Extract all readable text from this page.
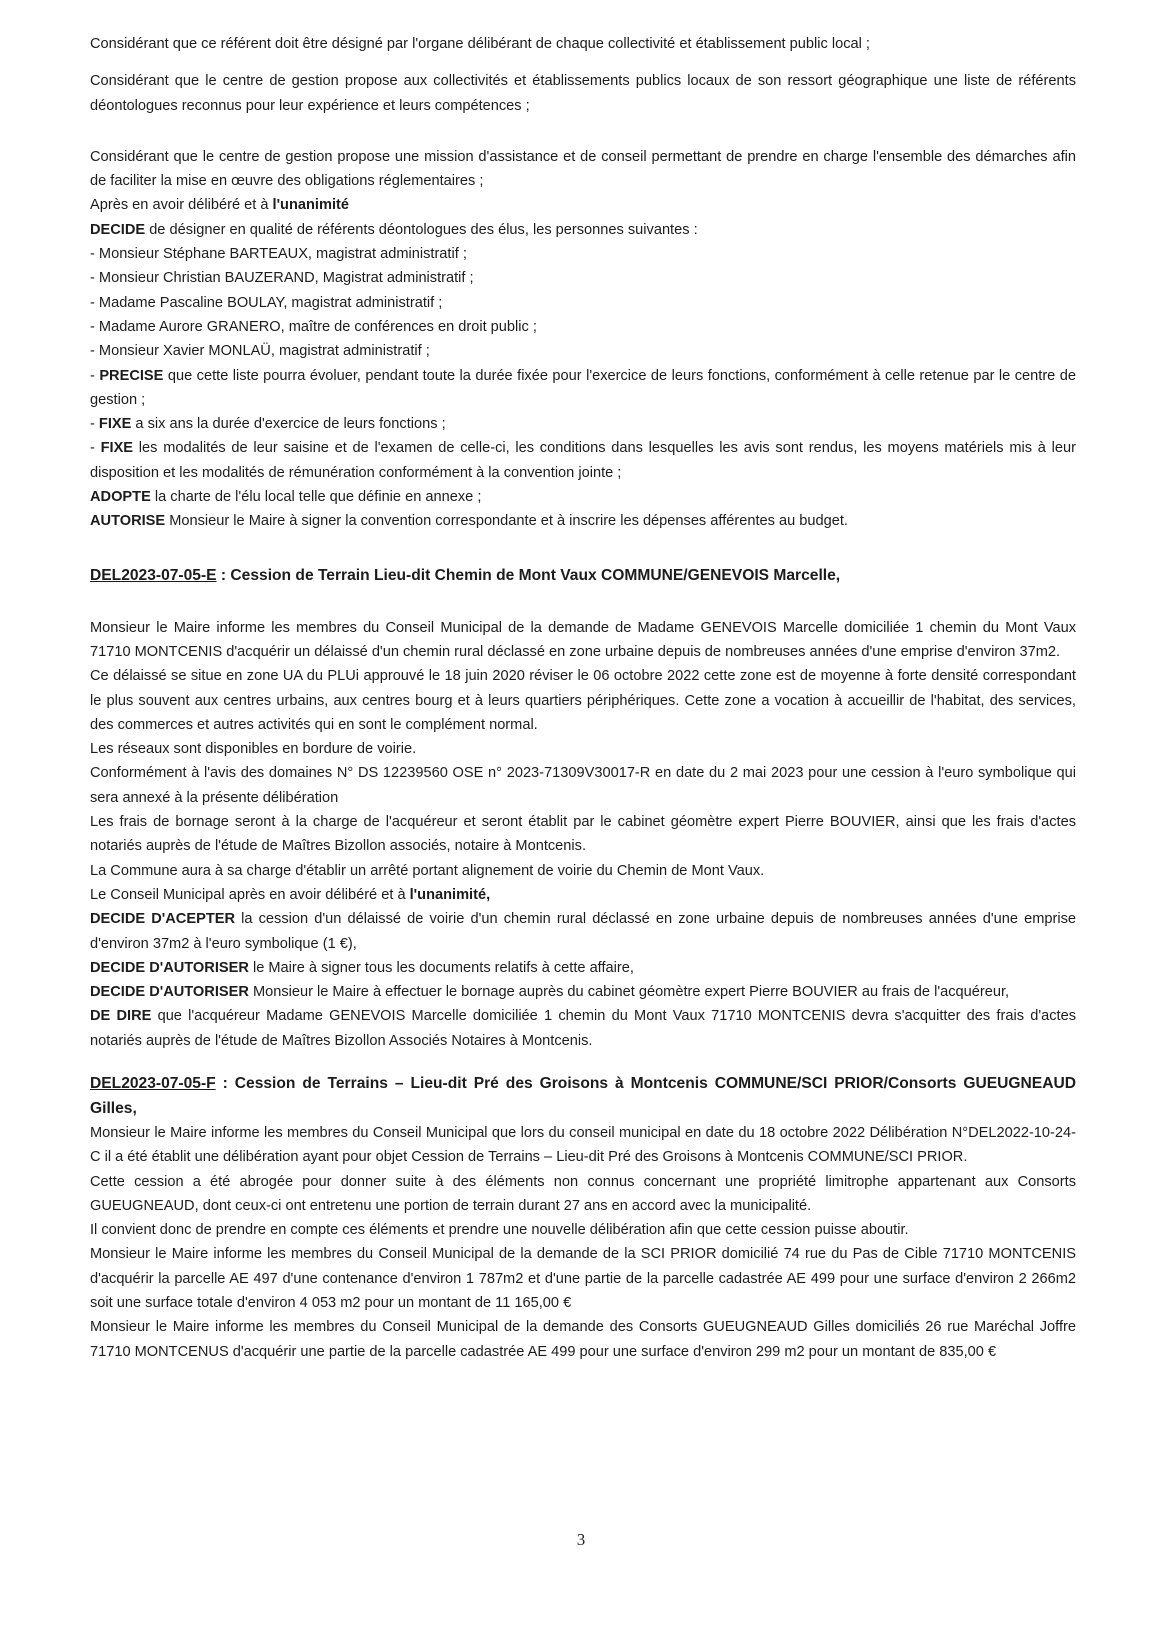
Considérant que ce référent doit être désigné par l'organe délibérant de chaque collectivité et établissement public local ;

Considérant que le centre de gestion propose aux collectivités et établissements publics locaux de son ressort géographique une liste de référents déontologues reconnus pour leur expérience et leurs compétences ;

Considérant que le centre de gestion propose une mission d'assistance et de conseil permettant de prendre en charge l'ensemble des démarches afin de faciliter la mise en œuvre des obligations réglementaires ;

Après en avoir délibéré et à l'unanimité

DECIDE de désigner en qualité de référents déontologues des élus, les personnes suivantes :

- Monsieur Stéphane BARTEAUX, magistrat administratif ;

- Monsieur Christian BAUZERAND, Magistrat administratif ;

- Madame Pascaline BOULAY, magistrat administratif ;

- Madame Aurore GRANERO, maître de conférences en droit public ;

- Monsieur Xavier MONLAÜ, magistrat administratif ;

- PRECISE que cette liste pourra évoluer, pendant toute la durée fixée pour l'exercice de leurs fonctions, conformément à celle retenue par le centre de gestion ;

- FIXE a six ans la durée d'exercice de leurs fonctions ;

- FIXE les modalités de leur saisine et de l'examen de celle-ci, les conditions dans lesquelles les avis sont rendus, les moyens matériels mis à leur disposition et les modalités de rémunération conformément à la convention jointe ;

ADOPTE la charte de l'élu local telle que définie en annexe ;

AUTORISE Monsieur le Maire à signer la convention correspondante et à inscrire les dépenses afférentes au budget.

DEL2023-07-05-E : Cession de Terrain Lieu-dit Chemin de Mont Vaux COMMUNE/GENEVOIS Marcelle,

Monsieur le Maire informe les membres du Conseil Municipal de la demande de Madame GENEVOIS Marcelle domiciliée 1 chemin du Mont Vaux 71710 MONTCENIS d'acquérir un délaissé d'un chemin rural déclassé en zone urbaine depuis de nombreuses années d'une emprise d'environ 37m2.

Ce délaissé se situe en zone UA du PLUi approuvé le 18 juin 2020 réviser le 06 octobre 2022 cette zone est de moyenne à forte densité correspondant le plus souvent aux centres urbains, aux centres bourg et à leurs quartiers périphériques. Cette zone a vocation à accueillir de l'habitat, des services, des commerces et autres activités qui en sont le complément normal.

Les réseaux sont disponibles en bordure de voirie.

Conformément à l'avis des domaines N° DS 12239560 OSE n° 2023-71309V30017-R en date du 2 mai 2023 pour une cession à l'euro symbolique qui sera annexé à la présente délibération

Les frais de bornage seront à la charge de l'acquéreur et seront établit par le cabinet géomètre expert Pierre BOUVIER, ainsi que les frais d'actes notariés auprès de l'étude de Maîtres Bizollon associés, notaire à Montcenis.

La Commune aura à sa charge d'établir un arrêté portant alignement de voirie du Chemin de Mont Vaux.

Le Conseil Municipal après en avoir délibéré et à l'unanimité,

DECIDE D'ACEPTER la cession d'un délaissé de voirie d'un chemin rural déclassé en zone urbaine depuis de nombreuses années d'une emprise d'environ 37m2 à l'euro symbolique (1 €),

DECIDE D'AUTORISER le Maire à signer tous les documents relatifs à cette affaire,

DECIDE D'AUTORISER Monsieur le Maire à effectuer le bornage auprès du cabinet géomètre expert Pierre BOUVIER au frais de l'acquéreur,

DE DIRE que l'acquéreur Madame GENEVOIS Marcelle domiciliée 1 chemin du Mont Vaux 71710 MONTCENIS devra s'acquitter des frais d'actes notariés auprès de l'étude de Maîtres Bizollon Associés Notaires à Montcenis.

DEL2023-07-05-F : Cession de Terrains – Lieu-dit Pré des Groisons à Montcenis COMMUNE/SCI PRIOR/Consorts GUEUGNEAUD Gilles,

Monsieur le Maire informe les membres du Conseil Municipal que lors du conseil municipal en date du 18 octobre 2022 Délibération N°DEL2022-10-24-C il a été établit une délibération ayant pour objet Cession de Terrains – Lieu-dit Pré des Groisons à Montcenis COMMUNE/SCI PRIOR.

Cette cession a été abrogée pour donner suite à des éléments non connus concernant une propriété limitrophe appartenant aux Consorts GUEUGNEAUD, dont ceux-ci ont entretenu une portion de terrain durant 27 ans en accord avec la municipalité.

Il convient donc de prendre en compte ces éléments et prendre une nouvelle délibération afin que cette cession puisse aboutir.

Monsieur le Maire informe les membres du Conseil Municipal de la demande de la SCI PRIOR domicilié 74 rue du Pas de Cible 71710 MONTCENIS d'acquérir la parcelle AE 497 d'une contenance d'environ 1 787m2 et d'une partie de la parcelle cadastrée AE 499 pour une surface d'environ 2 266m2 soit une surface totale d'environ 4 053 m2 pour un montant de 11 165,00 €

Monsieur le Maire informe les membres du Conseil Municipal de la demande des Consorts GUEUGNEAUD Gilles domiciliés 26 rue Maréchal Joffre 71710 MONTCENUS d'acquérir une partie de la parcelle cadastrée AE 499 pour une surface d'environ 299 m2 pour un montant de 835,00 €

3
